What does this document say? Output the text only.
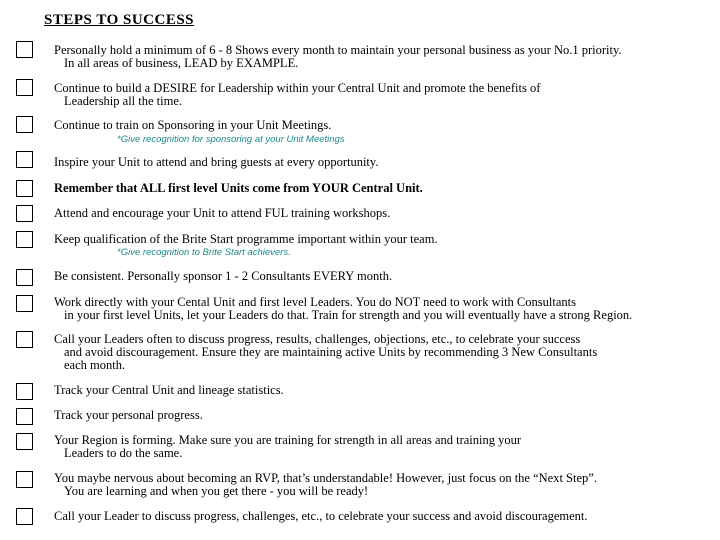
STEPS TO SUCCESS
Personally hold a minimum of 6 - 8 Shows every month to maintain your personal business as your No.1 priority.
In all areas of business, LEAD by EXAMPLE.
Continue to build a DESIRE for Leadership within your Central Unit and promote the benefits of
Leadership all the time.
Continue to train on Sponsoring in your Unit Meetings.
*Give recognition for sponsoring at your Unit Meetings
Inspire your Unit to attend and bring guests at every opportunity.
Remember that ALL first level Units come from YOUR Central Unit.
Attend and encourage your Unit to attend FUL training workshops.
Keep qualification of the Brite Start programme important within your team.
*Give recognition to Brite Start achievers.
Be consistent. Personally sponsor 1 - 2 Consultants EVERY month.
Work directly with your Cental Unit and first level Leaders. You do NOT need to work with Consultants
in your first level Units, let your Leaders do that. Train for strength and you will eventually have a strong Region.
Call your Leaders often to discuss progress, results, challenges, objections, etc., to celebrate your success
and avoid discouragement. Ensure they are maintaining active Units by recommending 3 New Consultants
each month.
Track your Central Unit and lineage statistics.
Track your personal progress.
Your Region is forming. Make sure you are training for strength in all areas and training your
Leaders to do the same.
You maybe nervous about becoming an RVP, that’s understandable! However, just focus on the “Next Step”.
You are learning and when you get there - you will be ready!
Call your Leader to discuss progress, challenges, etc., to celebrate your success and avoid discouragement.
